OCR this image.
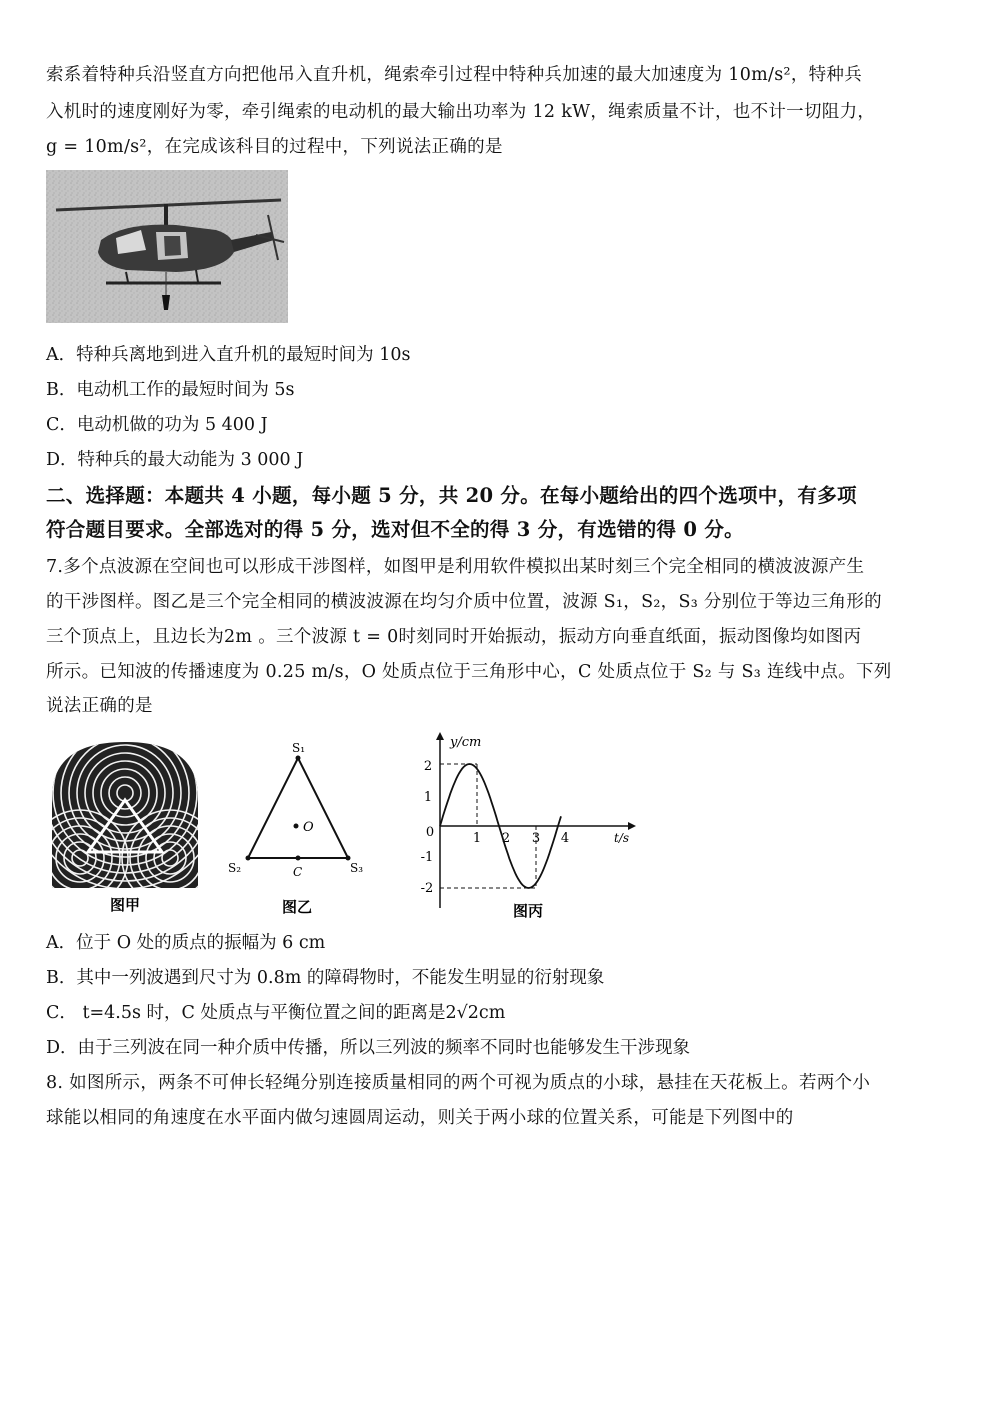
索系着特种兵沿竖直方向把他吊入直升机，绳索牵引过程中特种兵加速的最大加速度为 10m/s²，特种兵
入机时的速度刚好为零，牵引绳索的电动机的最大输出功率为 12 kW，绳索质量不计，也不计一切阻力，
g = 10m/s²，在完成该科目的过程中，下列说法正确的是
A．特种兵离地到进入直升机的最短时间为 10s
B．电动机工作的最短时间为 5s
C．电动机做的功为 5 400 J
D．特种兵的最大动能为 3 000 J
二、选择题：本题共 4 小题，每小题 5 分，共 20 分。在每小题给出的四个选项中，有多项
符合题目要求。全部选对的得 5 分，选对但不全的得 3 分，有选错的得 0 分。
7.多个点波源在空间也可以形成干涉图样，如图甲是利用软件模拟出某时刻三个完全相同的横波波源产生
的干涉图样。图乙是三个完全相同的横波波源在均匀介质中位置，波源 S₁，S₂，S₃ 分别位于等边三角形的
三个顶点上，且边长为2m 。三个波源 t = 0时刻同时开始振动，振动方向垂直纸面，振动图像均如图丙
所示。已知波的传播速度为 0.25 m/s，O 处质点位于三角形中心，C 处质点位于 S₂ 与 S₃ 连线中点。下列
说法正确的是
图甲
S₁
S₂	S₃
O
C
图乙
y/cm
t/s
2
1
0
-1
-2
1 2 3 4
图丙
A．位于 O 处的质点的振幅为 6 cm
B．其中一列波遇到尺寸为 0.8m 的障碍物时，不能发生明显的衍射现象
C． t=4.5s 时，C 处质点与平衡位置之间的距离是2√2cm
D．由于三列波在同一种介质中传播，所以三列波的频率不同时也能够发生干涉现象
8. 如图所示，两条不可伸长轻绳分别连接质量相同的两个可视为质点的小球，悬挂在天花板上。若两个小
球能以相同的角速度在水平面内做匀速圆周运动，则关于两小球的位置关系，可能是下列图中的
